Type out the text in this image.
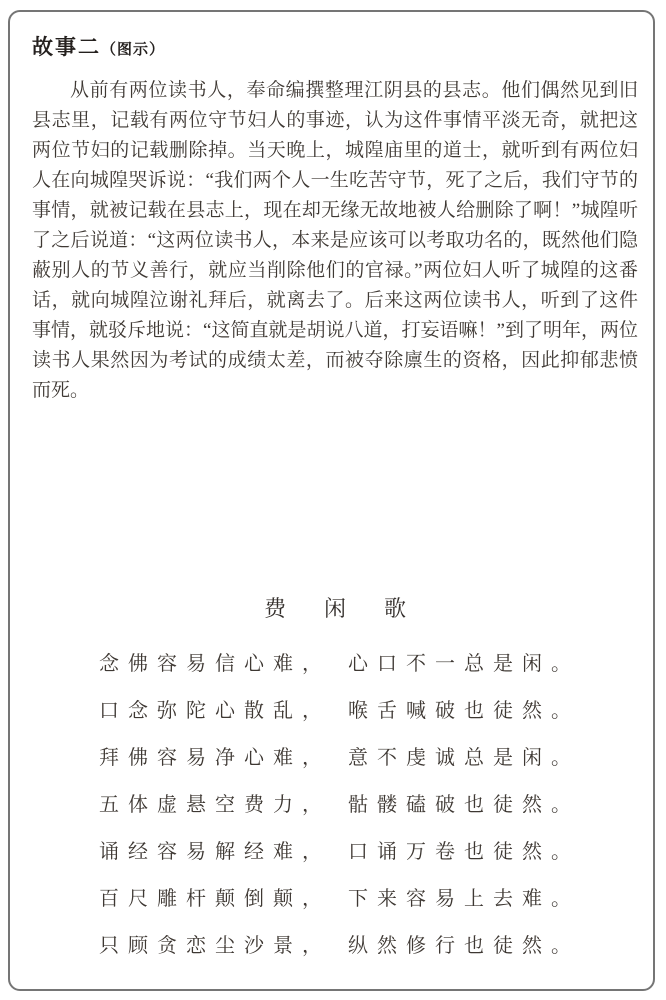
故事二（图示）
从前有两位读书人，奉命编撰整理江阴县的县志。他们偶然见到旧县志里，记载有两位守节妇人的事迹，认为这件事情平淡无奇，就把这两位节妇的记载删除掉。当天晚上，城隍庙里的道士，就听到有两位妇人在向城隍哭诉说：“我们两个人一生吃苦守节，死了之后，我们守节的事情，就被记载在县志上，现在却无缘无故地被人给删除了啊！”城隍听了之后说道：“这两位读书人，本来是应该可以考取功名的，既然他们隐蔽别人的节义善行，就应当削除他们的官禄。”两位妇人听了城隍的这番话，就向城隍泣谢礼拜后，就离去了。后来这两位读书人，听到了这件事情，就驳斥地说：“这简直就是胡说八道，打妄语嘛！”到了明年，两位读书人果然因为考试的成绩太差，而被夺除廪生的资格，因此抑郁悲愤而死。
费闲歌
念佛容易信心难， 心口不一总是闲。
口念弥陀心散乱， 喉舌喊破也徒然。
拜佛容易净心难， 意不虔诚总是闲。
五体虚悬空费力， 骷髅磕破也徒然。
诵经容易解经难， 口诵万卷也徒然。
百尺雕杆颠倒颠， 下来容易上去难。
只顾贪恋尘沙景， 纵然修行也徒然。
